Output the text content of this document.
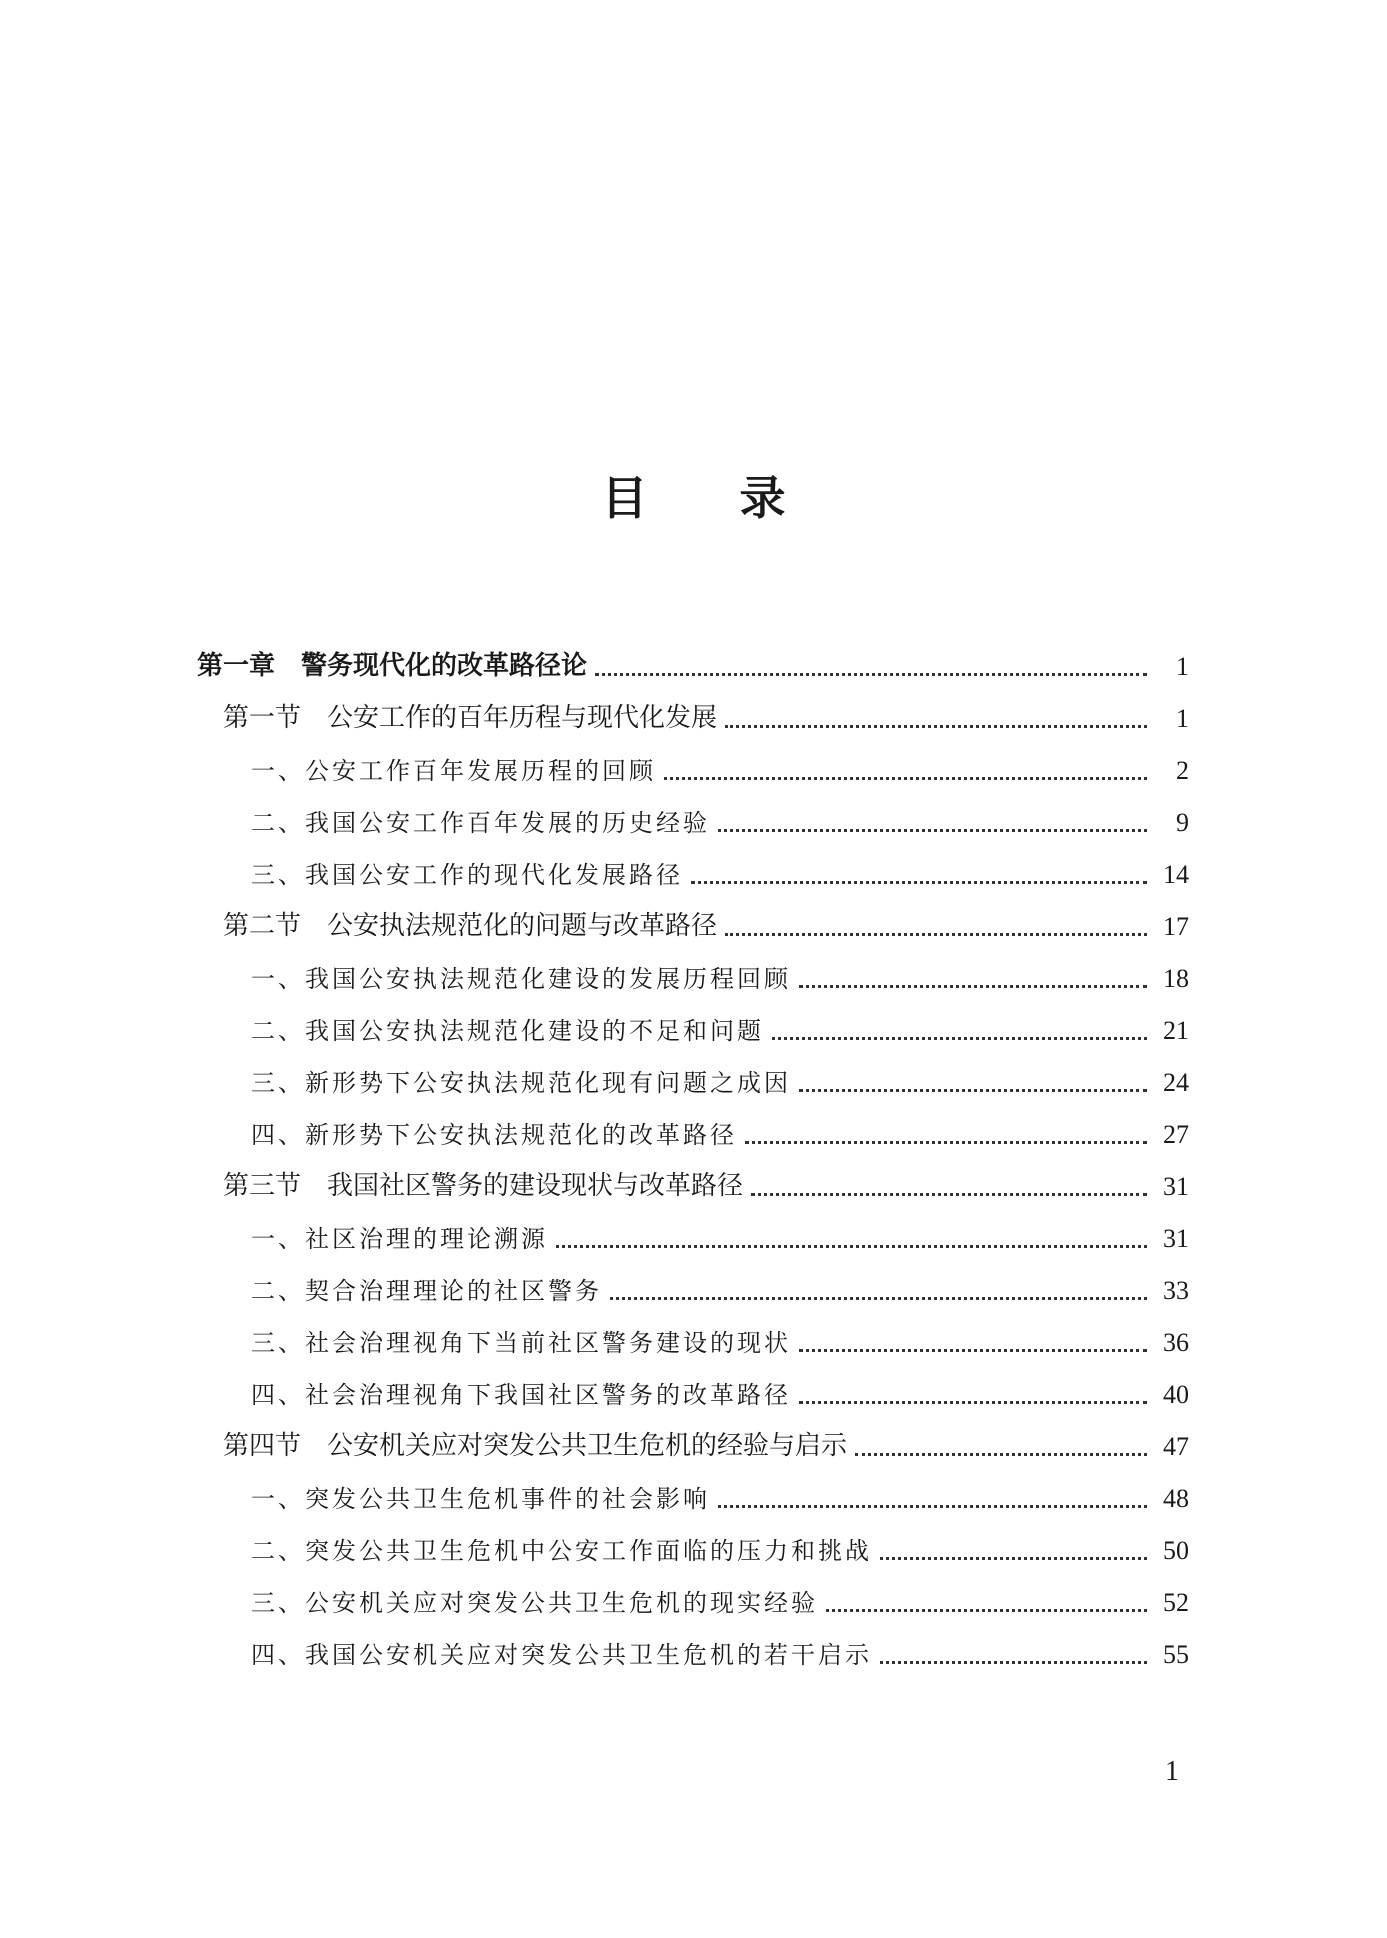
目 录
第一章 警务现代化的改革路径论	1
第一节 公安工作的百年历程与现代化发展	1
一、公安工作百年发展历程的回顾	2
二、我国公安工作百年发展的历史经验	9
三、我国公安工作的现代化发展路径	14
第二节 公安执法规范化的问题与改革路径	17
一、我国公安执法规范化建设的发展历程回顾	18
二、我国公安执法规范化建设的不足和问题	21
三、新形势下公安执法规范化现有问题之成因	24
四、新形势下公安执法规范化的改革路径	27
第三节 我国社区警务的建设现状与改革路径	31
一、社区治理的理论溯源	31
二、契合治理理论的社区警务	33
三、社会治理视角下当前社区警务建设的现状	36
四、社会治理视角下我国社区警务的改革路径	40
第四节 公安机关应对突发公共卫生危机的经验与启示	47
一、突发公共卫生危机事件的社会影响	48
二、突发公共卫生危机中公安工作面临的压力和挑战	50
三、公安机关应对突发公共卫生危机的现实经验	52
四、我国公安机关应对突发公共卫生危机的若干启示	55
1
